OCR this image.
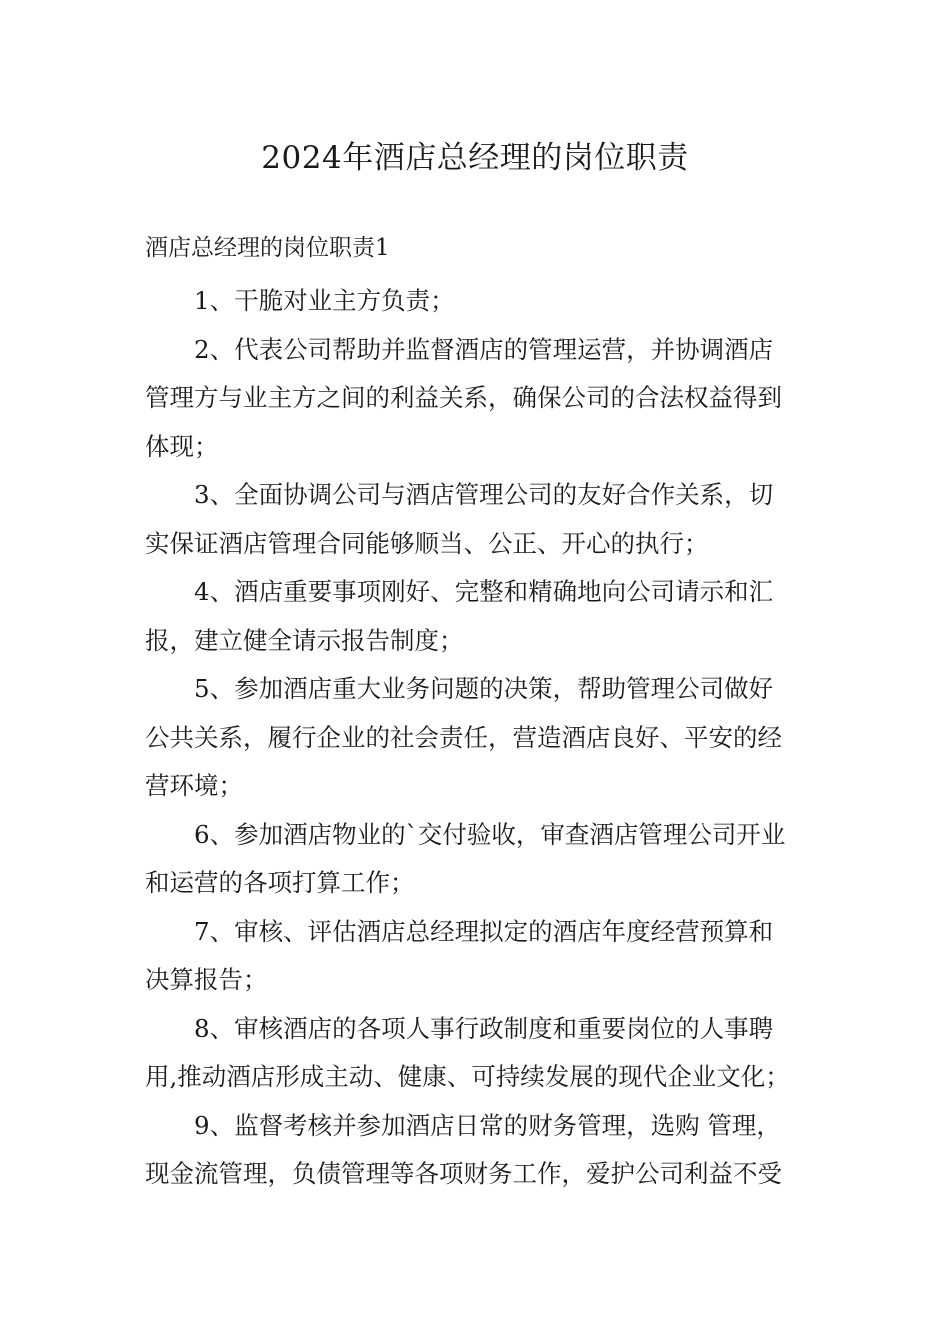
2024年酒店总经理的岗位职责
酒店总经理的岗位职责1

1、干脆对业主方负责；

2、代表公司帮助并监督酒店的管理运营，并协调酒店
管理方与业主方之间的利益关系，确保公司的合法权益得到
体现；

3、全面协调公司与酒店管理公司的友好合作关系，切
实保证酒店管理合同能够顺当、公正、开心的执行；

4、酒店重要事项刚好、完整和精确地向公司请示和汇
报，建立健全请示报告制度；

5、参加酒店重大业务问题的决策，帮助管理公司做好
公共关系，履行企业的社会责任，营造酒店良好、平安的经
营环境；

6、参加酒店物业的`交付验收，审查酒店管理公司开业
和运营的各项打算工作；

7、审核、评估酒店总经理拟定的酒店年度经营预算和
决算报告；

8、审核酒店的各项人事行政制度和重要岗位的人事聘
用,推动酒店形成主动、健康、可持续发展的现代企业文化；

9、监督考核并参加酒店日常的财务管理，选购 管理，
现金流管理，负债管理等各项财务工作，爱护公司利益不受
